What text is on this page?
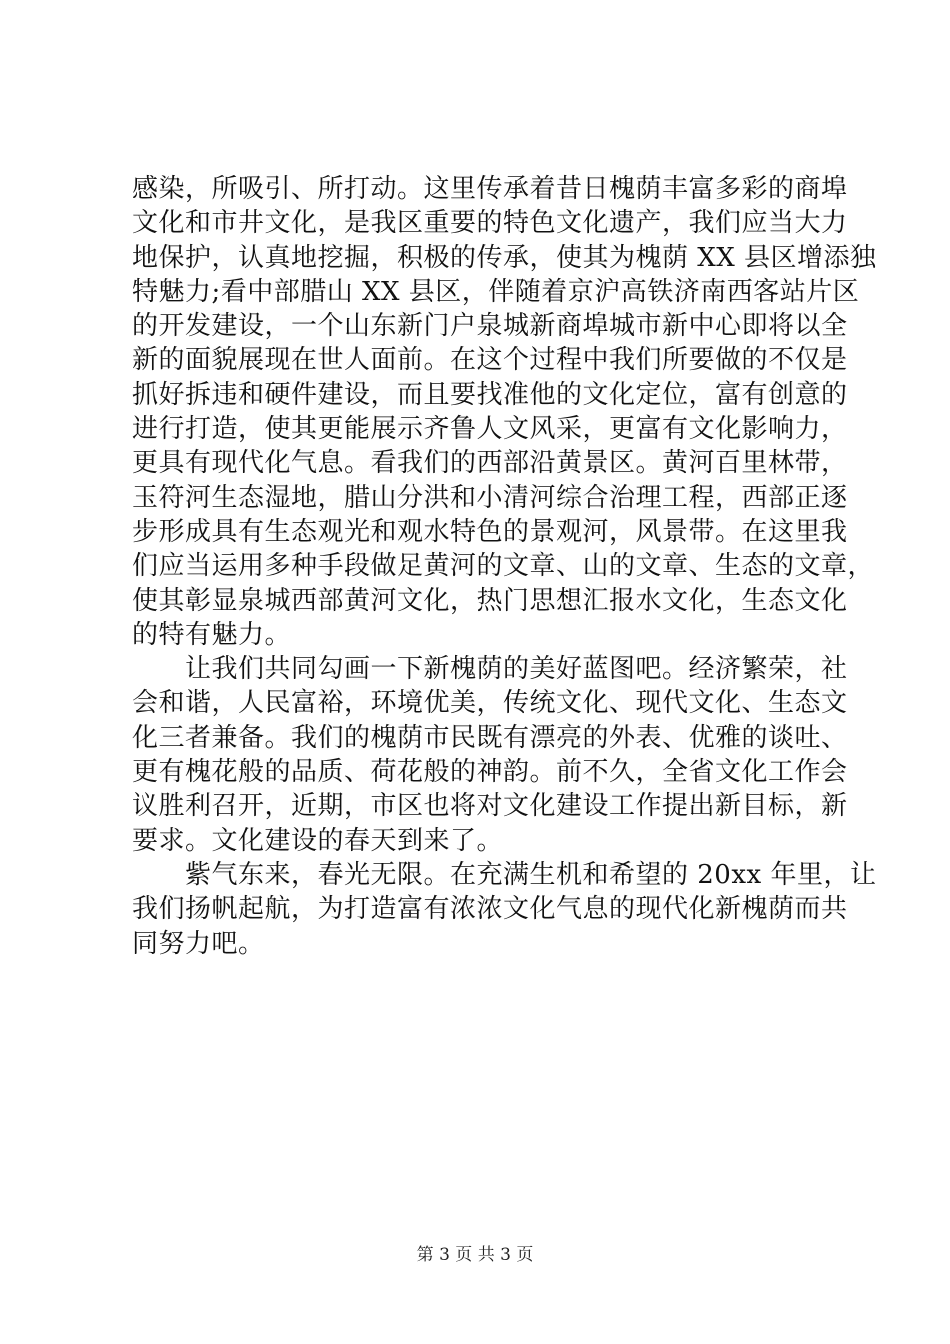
感染，所吸引、所打动。这里传承着昔日槐荫丰富多彩的商埠
文化和市井文化，是我区重要的特色文化遗产，我们应当大力
地保护，认真地挖掘，积极的传承，使其为槐荫 XX 县区增添独
特魅力;看中部腊山 XX 县区，伴随着京沪高铁济南西客站片区
的开发建设，一个山东新门户泉城新商埠城市新中心即将以全
新的面貌展现在世人面前。在这个过程中我们所要做的不仅是
抓好拆违和硬件建设，而且要找准他的文化定位，富有创意的
进行打造，使其更能展示齐鲁人文风采，更富有文化影响力，
更具有现代化气息。看我们的西部沿黄景区。黄河百里林带，
玉符河生态湿地，腊山分洪和小清河综合治理工程，西部正逐
步形成具有生态观光和观水特色的景观河，风景带。在这里我
们应当运用多种手段做足黄河的文章、山的文章、生态的文章，
使其彰显泉城西部黄河文化，热门思想汇报水文化，生态文化
的特有魅力。
　　让我们共同勾画一下新槐荫的美好蓝图吧。经济繁荣，社
会和谐，人民富裕，环境优美，传统文化、现代文化、生态文
化三者兼备。我们的槐荫市民既有漂亮的外表、优雅的谈吐、
更有槐花般的品质、荷花般的神韵。前不久，全省文化工作会
议胜利召开，近期，市区也将对文化建设工作提出新目标，新
要求。文化建设的春天到来了。
　　紫气东来，春光无限。在充满生机和希望的 20xx 年里，让
我们扬帆起航，为打造富有浓浓文化气息的现代化新槐荫而共
同努力吧。
第 3 页 共 3 页
